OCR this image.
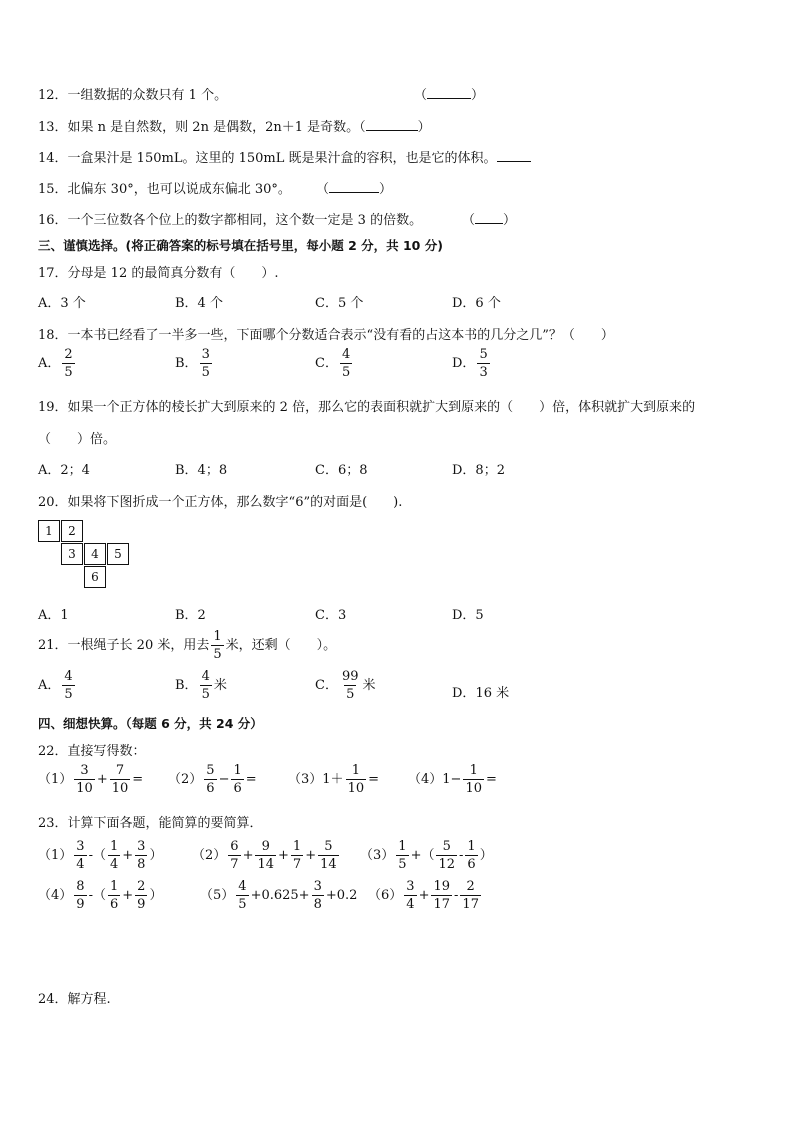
12．一组数据的众数只有 1 个。	（	）
13．如果 n 是自然数，则 2n 是偶数，2n＋1 是奇数。（	）
14．一盒果汁是 150mL。这里的 150mL 既是果汁盒的容积，也是它的体积。
15．北偏东 30°，也可以说成东偏北 30°。 （	）
16．一个三位数各个位上的数字都相同，这个数一定是 3 的倍数。	（ ）
三、谨慎选择。(将正确答案的标号填在括号里，每小题 2 分，共 10 分)
17．分母是 12 的最简真分数有（　　）.
A．3 个	B．4 个	C．5 个	D．6 个
18．一本书已经看了一半多一些，下面哪个分数适合表示“没有看的占这本书的几分之几”？（　　）
A． $\frac{2}{5}$	B． $\frac{3}{5}$	C． $\frac{4}{5}$	D． $\frac{5}{3}$
19．如果一个正方体的棱长扩大到原来的 2 倍，那么它的表面积就扩大到原来的（　　）倍，体积就扩大到原来的
（　　）倍。
A．2；4	B．4；8	C．6；8	D．8；2
20．如果将下图折成一个正方体，那么数字“6”的对面是(　　).
1	2
3	4	5
6
A．1	B．2	C．3	D．5
21．一根绳子长 20 米，用去 $\frac{1}{5}$ 米，还剩（　　）。
A． $\frac{4}{5}$	B． $\frac{4}{5}$ 米	C． $\frac{99}{5}$ 米
D．16 米
四、细想快算。（每题 6 分，共 24 分）
22．直接写得数：
$(1) \frac{3}{10} + \frac{7}{10} = (2) \frac{5}{6} - \frac{1}{6} = (3)1+ \frac{1}{10} = (4)1- \frac{1}{10}$ =
23．计算下面各题，能简算的要简算．
$(1) \frac{3}{4}$ -（ $\frac{1}{4} + \frac{3}{8}$ ） $(2) \frac{6}{7} + \frac{9}{14} + \frac{1}{7} + \frac{5}{14} (3) \frac{1}{5}$ +（ $\frac{5}{12} - \frac{1}{6}$ ）
$(4) \frac{8}{9}$ -（ $\frac{1}{6} + \frac{2}{9}$ ）	$(5) \frac{4}{5} +0.625+ \frac{3}{8} +0.2$ $(6) \frac{3}{4} + \frac{19}{17} - \frac{2}{17}$
24．解方程.
